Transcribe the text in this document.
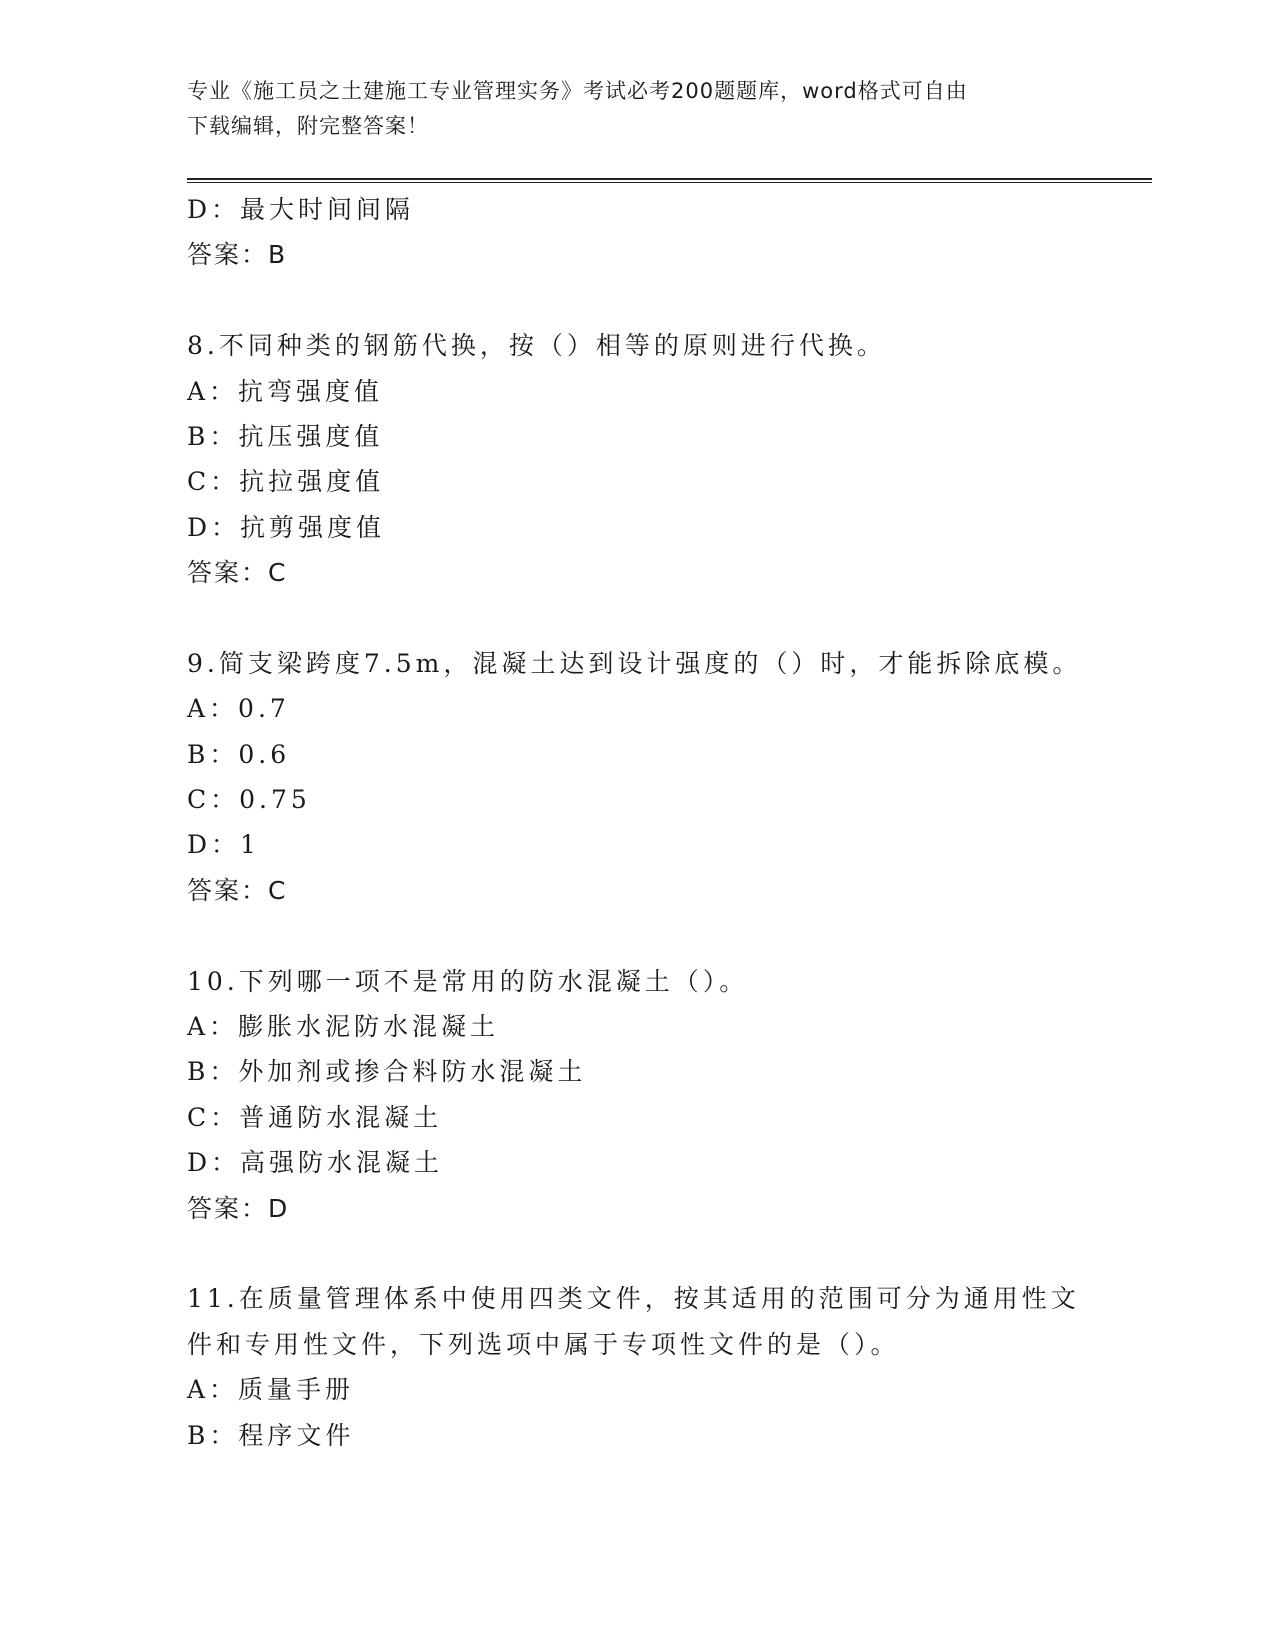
专业《施工员之土建施工专业管理实务》考试必考200题题库，word格式可自由
下载编辑，附完整答案！
D：最大时间间隔
答案：B
8.不同种类的钢筋代换，按（）相等的原则进行代换。
A：抗弯强度值
B：抗压强度值
C：抗拉强度值
D：抗剪强度值
答案：C
9.简支梁跨度7.5m，混凝土达到设计强度的（）时，才能拆除底模。
A：0.7
B：0.6
C：0.75
D：1
答案：C
10.下列哪一项不是常用的防水混凝土（）。
A：膨胀水泥防水混凝土
B：外加剂或掺合料防水混凝土
C：普通防水混凝土
D：高强防水混凝土
答案：D
11.在质量管理体系中使用四类文件，按其适用的范围可分为通用性文
件和专用性文件，下列选项中属于专项性文件的是（）。
A：质量手册
B：程序文件
